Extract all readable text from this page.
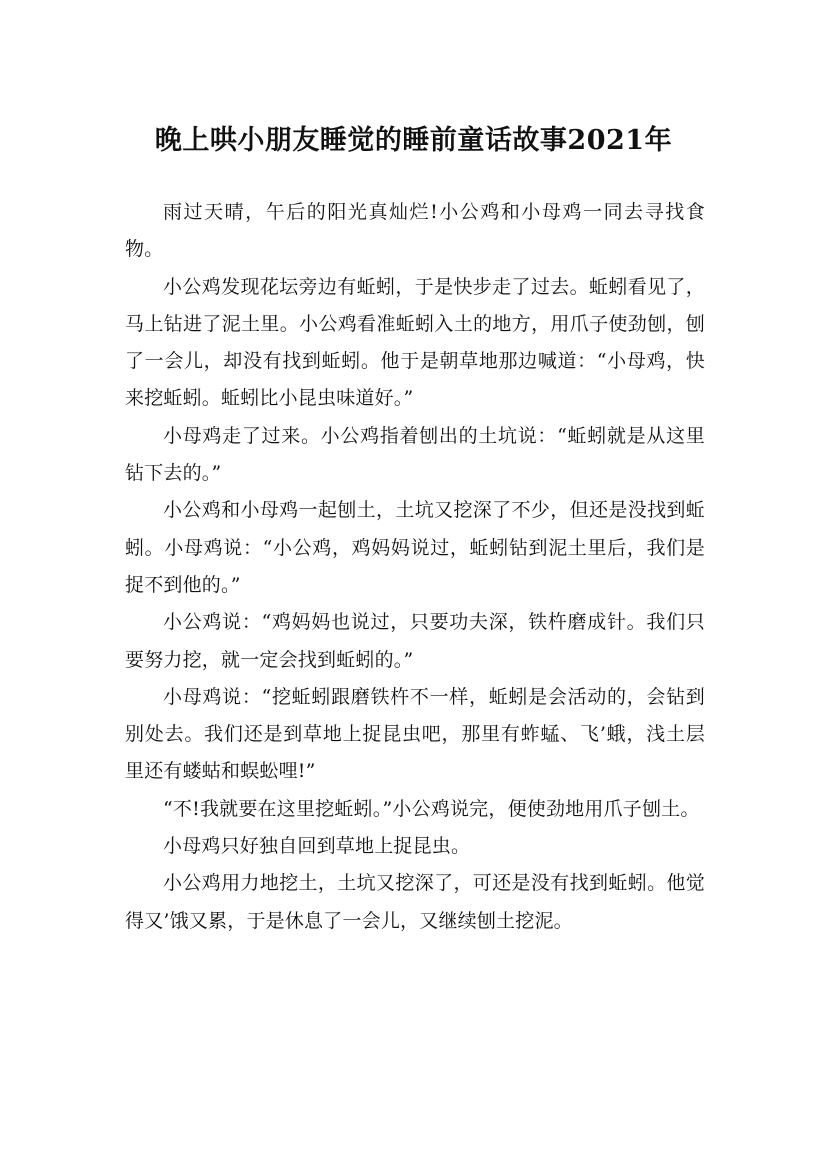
晚上哄小朋友睡觉的睡前童话故事2021年

雨过天晴，午后的阳光真灿烂!小公鸡和小母鸡一同去寻找食物。

小公鸡发现花坛旁边有蚯蚓，于是快步走了过去。蚯蚓看见了，马上钻进了泥土里。小公鸡看准蚯蚓入土的地方，用爪子使劲刨，刨了一会儿，却没有找到蚯蚓。他于是朝草地那边喊道：“小母鸡，快来挖蚯蚓。蚯蚓比小昆虫味道好。”

小母鸡走了过来。小公鸡指着刨出的土坑说：“蚯蚓就是从这里钻下去的。”

小公鸡和小母鸡一起刨土，土坑又挖深了不少，但还是没找到蚯蚓。小母鸡说：“小公鸡，鸡妈妈说过，蚯蚓钻到泥土里后，我们是捉不到他的。”

小公鸡说：“鸡妈妈也说过，只要功夫深，铁杵磨成针。我们只要努力挖，就一定会找到蚯蚓的。”

小母鸡说：“挖蚯蚓跟磨铁杵不一样，蚯蚓是会活动的，会钻到别处去。我们还是到草地上捉昆虫吧，那里有蚱蜢、飞’蛾，浅土层里还有蝼蛄和蜈蚣哩!”

“不!我就要在这里挖蚯蚓。”小公鸡说完，便使劲地用爪子刨土。

小母鸡只好独自回到草地上捉昆虫。

小公鸡用力地挖土，土坑又挖深了，可还是没有找到蚯蚓。他觉得又’饿又累，于是休息了一会儿，又继续刨土挖泥。
